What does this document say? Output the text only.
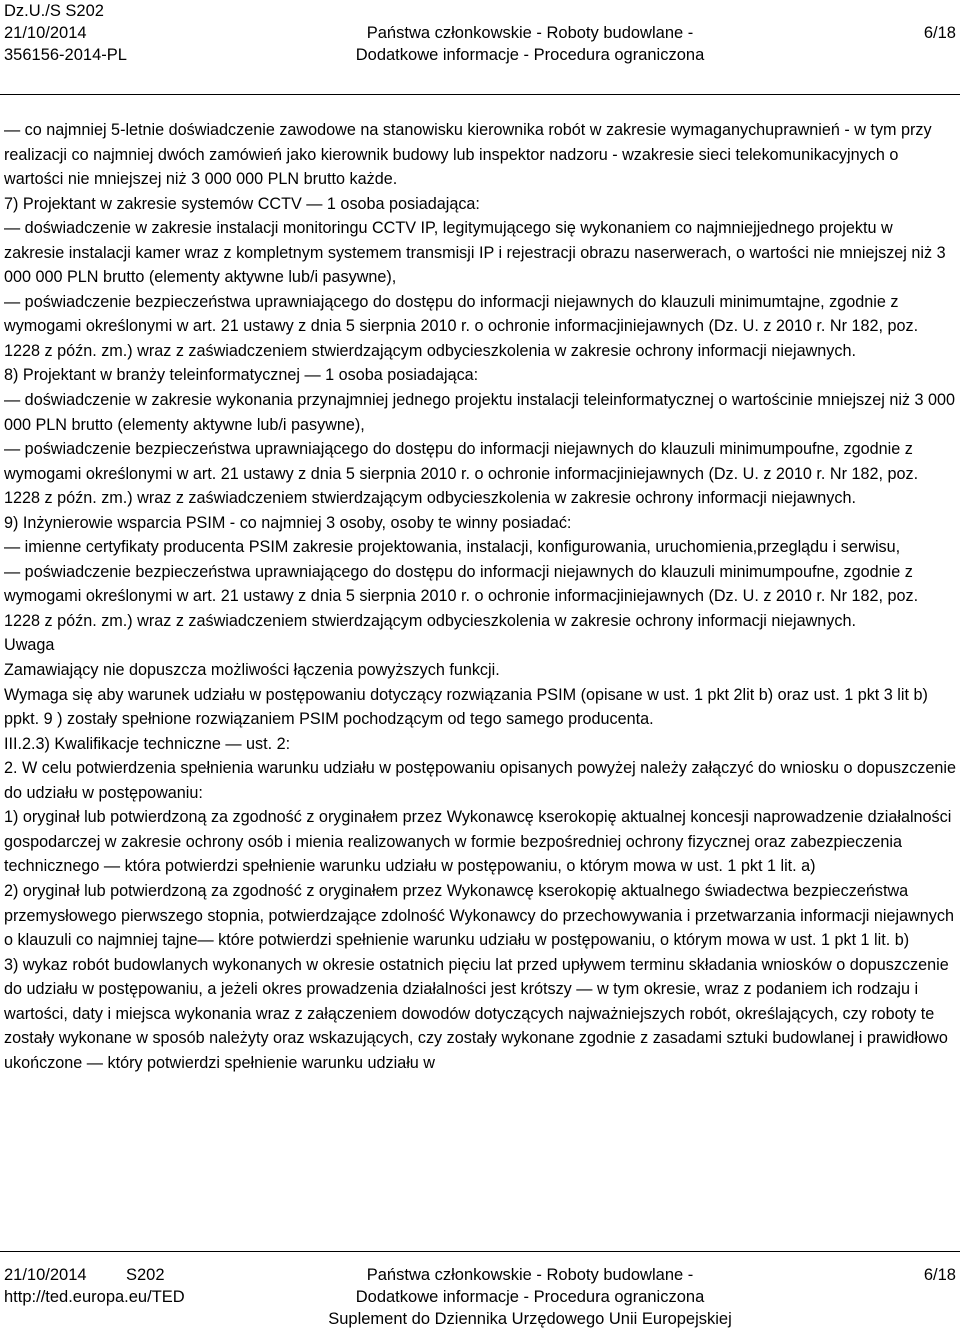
Dz.U./S S202
21/10/2014	Państwa członkowskie - Roboty budowlane -	6/18
356156-2014-PL	Dodatkowe informacje - Procedura ograniczona

— co najmniej 5-letnie doświadczenie zawodowe na stanowisku kierownika robót w zakresie wymaganychuprawnień - w tym przy realizacji co najmniej dwóch zamówień jako kierownik budowy lub inspektor nadzoru - wzakresie sieci telekomunikacyjnych o wartości nie mniejszej niż 3 000 000 PLN brutto każde.

7) Projektant w zakresie systemów CCTV — 1 osoba posiadająca:

— doświadczenie w zakresie instalacji monitoringu CCTV IP, legitymującego się wykonaniem co najmniejjednego projektu w zakresie instalacji kamer wraz z kompletnym systemem transmisji IP i rejestracji obrazu naserwerach, o wartości nie mniejszej niż 3 000 000 PLN brutto (elementy aktywne lub/i pasywne),

— poświadczenie bezpieczeństwa uprawniającego do dostępu do informacji niejawnych do klauzuli minimumtajne, zgodnie z wymogami określonymi w art. 21 ustawy z dnia 5 sierpnia 2010 r. o ochronie informacjiniejawnych (Dz. U. z 2010 r. Nr 182, poz. 1228 z późn. zm.) wraz z zaświadczeniem stwierdzającym odbycieszkolenia w zakresie ochrony informacji niejawnych.

8) Projektant w branży teleinformatycznej — 1 osoba posiadająca:

— doświadczenie w zakresie wykonania przynajmniej jednego projektu instalacji teleinformatycznej o wartościnie mniejszej niż 3 000 000 PLN brutto (elementy aktywne lub/i pasywne),

— poświadczenie bezpieczeństwa uprawniającego do dostępu do informacji niejawnych do klauzuli minimumpoufne, zgodnie z wymogami określonymi w art. 21 ustawy z dnia 5 sierpnia 2010 r. o ochronie informacjiniejawnych (Dz. U. z 2010 r. Nr 182, poz. 1228 z późn. zm.) wraz z zaświadczeniem stwierdzającym odbycieszkolenia w zakresie ochrony informacji niejawnych.

9) Inżynierowie wsparcia PSIM - co najmniej 3 osoby, osoby te winny posiadać:

— imienne certyfikaty producenta PSIM zakresie projektowania, instalacji, konfigurowania, uruchomienia,przeglądu i serwisu,

— poświadczenie bezpieczeństwa uprawniającego do dostępu do informacji niejawnych do klauzuli minimumpoufne, zgodnie z wymogami określonymi w art. 21 ustawy z dnia 5 sierpnia 2010 r. o ochronie informacjiniejawnych (Dz. U. z 2010 r. Nr 182, poz. 1228 z późn. zm.) wraz z zaświadczeniem stwierdzającym odbycieszkolenia w zakresie ochrony informacji niejawnych.

Uwaga

Zamawiający nie dopuszcza możliwości łączenia powyższych funkcji.

Wymaga się aby warunek udziału w postępowaniu dotyczący rozwiązania PSIM (opisane w ust. 1 pkt 2lit b) oraz ust. 1 pkt 3 lit b) ppkt. 9 ) zostały spełnione rozwiązaniem PSIM pochodzącym od tego samego producenta.

III.2.3) Kwalifikacje techniczne — ust. 2:

2. W celu potwierdzenia spełnienia warunku udziału w postępowaniu opisanych powyżej należy załączyć do wniosku o dopuszczenie do udziału w postępowaniu:

1) oryginał lub potwierdzoną za zgodność z oryginałem przez Wykonawcę kserokopię aktualnej koncesji naprowadzenie działalności gospodarczej w zakresie ochrony osób i mienia realizowanych w formie bezpośredniej ochrony fizycznej oraz zabezpieczenia technicznego — która potwierdzi spełnienie warunku udziału w postępowaniu, o którym mowa w ust. 1 pkt 1 lit. a)

2) oryginał lub potwierdzoną za zgodność z oryginałem przez Wykonawcę kserokopię aktualnego świadectwa bezpieczeństwa przemysłowego pierwszego stopnia, potwierdzające zdolność Wykonawcy do przechowywania i przetwarzania informacji niejawnych o klauzuli co najmniej tajne— które potwierdzi spełnienie warunku udziału w postępowaniu, o którym mowa w ust. 1 pkt 1 lit. b)

3) wykaz robót budowlanych wykonanych w okresie ostatnich pięciu lat przed upływem terminu składania wniosków o dopuszczenie do udziału w postępowaniu, a jeżeli okres prowadzenia działalności jest krótszy — w tym okresie, wraz z podaniem ich rodzaju i wartości, daty i miejsca wykonania wraz z załączeniem dowodów dotyczących najważniejszych robót, określających, czy roboty te zostały wykonane w sposób należyty oraz wskazujących, czy zostały wykonane zgodnie z zasadami sztuki budowlanej i prawidłowo ukończone — który potwierdzi spełnienie warunku udziału w

21/10/2014 S202	Państwa członkowskie - Roboty budowlane -	6/18
http://ted.europa.eu/TED	Dodatkowe informacje - Procedura ograniczona
Suplement do Dziennika Urzędowego Unii Europejskiej
